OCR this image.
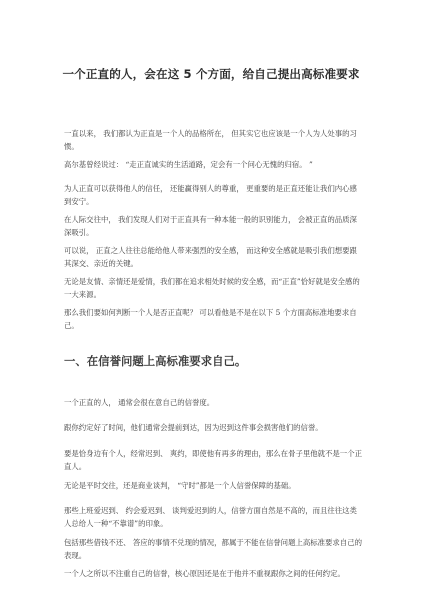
一个正直的人，会在这 5 个方面，给自己提出高标准要求

一直以来， 我们都认为正直是一个人的品格所在， 但其实它也应该是一个人为人处事的习惯。

高尔基曾经说过： “走正直诚实的生活道路，定会有一个问心无愧的归宿。 ”

为人正直可以获得他人的信任， 还能赢得别人的尊重， 更重要的是正直还能让我们内心感到安宁。

在人际交往中， 我们发现人们对于正直具有一种本能一般的识别能力， 会被正直的品质深深吸引。

可以说， 正直之人往往总能给他人带来强烈的安全感， 而这种安全感就是吸引我们想要跟其深交、亲近的关键。

无论是友情、亲情还是爱情，我们都在追求相处时候的安全感，而“正直”恰好就是安全感的一大来源。

那么我们要如何判断一个人是否正直呢？ 可以看他是不是在以下 5 个方面高标准地要求自己。

一、在信誉问题上高标准要求自己。

一个正直的人， 通常会很在意自己的信誉度。

跟你约定好了时间，他们通常会提前到达，因为迟到这件事会损害他们的信誉。

要是恰身边有个人，经常迟到、 爽约，即使他有再多的理由，那么在骨子里他就不是一个正直人。

无论是平时交往，还是商业谈判， “守时”都是一个人信誉保障的基础。

那些上班爱迟到、 约会爱迟到、 谈判爱迟到的人，信誉方面自然是不高的，而且往往这类人总给人一种“不靠谱”的印象。

包括那些借钱不还、 答应的事情不兑现的情况，都属于不能在信誉问题上高标准要求自己的表现。

一个人之所以不注重自己的信誉，核心原因还是在于他并不重视跟你之间的任何约定。
